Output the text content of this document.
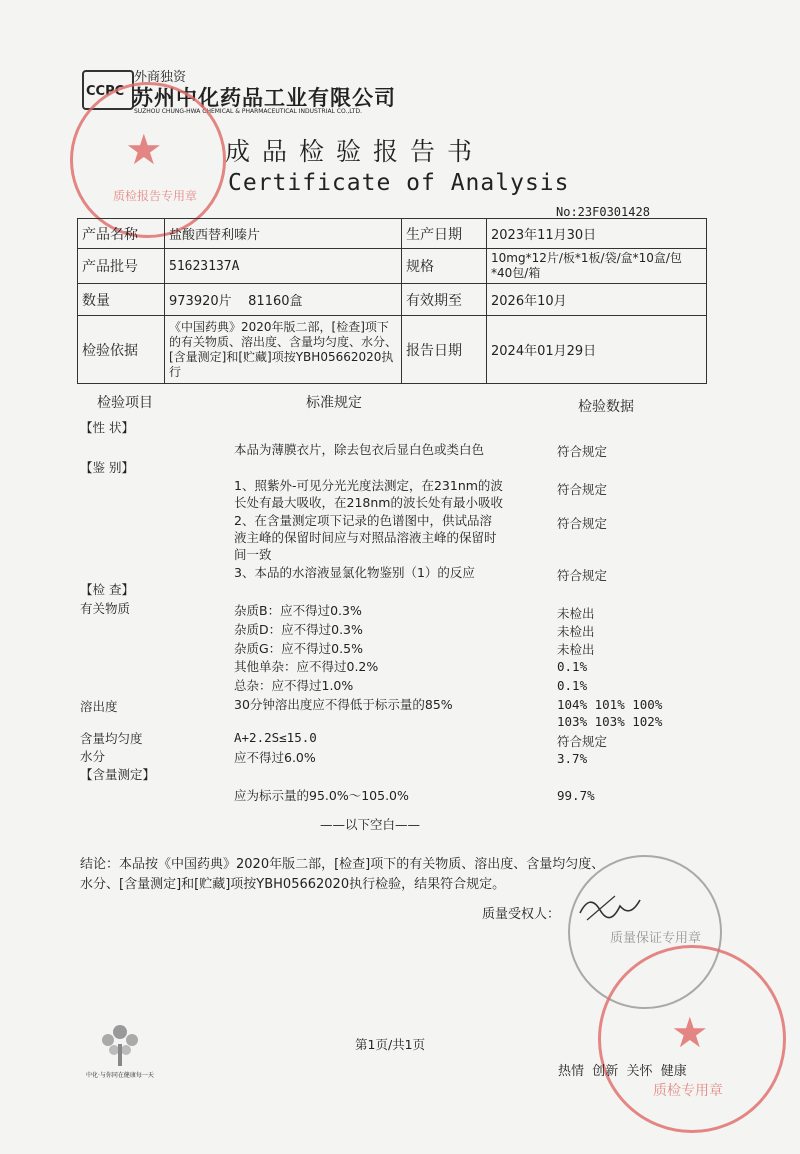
CCPC
外商独资
苏州中化药品工业有限公司
SUZHOU CHUNG-HWA CHEMICAL & PHARMACEUTICAL INDUSTRIAL CO.,LTD.
★
质检报告专用章
成品检验报告书
Certificate of Analysis
No:23F0301428
产品名称	盐酸西替利嗪片	生产日期	2023年11月30日
产品批号	51623137A	规格	10mg*12片/板*1板/袋/盒*10盒/包*40包/箱
数量	973920片    81160盒	有效期至	2026年10月
检验依据	《中国药典》2020年版二部，[检查]项下的有关物质、溶出度、含量均匀度、水分、[含量测定]和[贮藏]项按YBH05662020执行	报告日期	2024年01月29日
检验项目	标准规定	检验数据
【性 状】
本品为薄膜衣片，除去包衣后显白色或类白色	符合规定
【鉴 别】
1、照紫外-可见分光光度法测定，在231nm的波	符合规定
长处有最大吸收，在218nm的波长处有最小吸收
2、在含量测定项下记录的色谱图中，供试品溶	符合规定
液主峰的保留时间应与对照品溶液主峰的保留时
间一致
3、本品的水溶液显氯化物鉴别（1）的反应	符合规定
【检 查】
有关物质	杂质B：应不得过0.3%	未检出
杂质D：应不得过0.3%	未检出
杂质G：应不得过0.5%	未检出
其他单杂：应不得过0.2%	0.1%
总杂：应不得过1.0%	0.1%
溶出度	30分钟溶出度应不得低于标示量的85%	104% 101% 100%
103% 103% 102%
含量均匀度	A+2.2S≤15.0	符合规定
水分	应不得过6.0%	3.7%
【含量测定】
应为标示量的95.0%～105.0%	99.7%
——以下空白——
结论：本品按《中国药典》2020年版二部，[检查]项下的有关物质、溶出度、含量均匀度、
水分、[含量测定]和[贮藏]项按YBH05662020执行检验，结果符合规定。
质量受权人：
质量保证专用章
★
质检专用章
第1页/共1页
热情  创新  关怀  健康
中化·与你同在健康每一天
